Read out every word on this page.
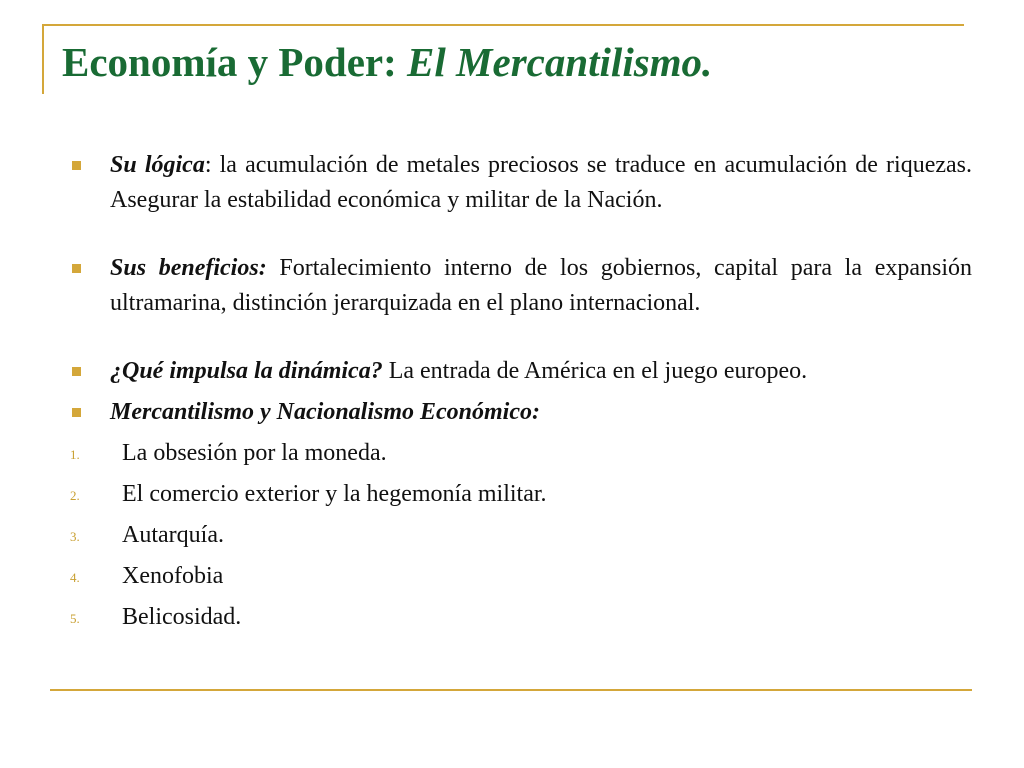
Economía y Poder: El Mercantilismo.
Su lógica: la acumulación de metales preciosos se traduce en acumulación de riquezas. Asegurar la estabilidad económica y militar de la Nación.
Sus beneficios: Fortalecimiento interno de los gobiernos, capital para la expansión ultramarina, distinción jerarquizada en el plano internacional.
¿Qué impulsa la dinámica? La entrada de América en el juego europeo.
Mercantilismo y Nacionalismo Económico:
1. La obsesión por la moneda.
2. El comercio exterior y la hegemonía militar.
3. Autarquía.
4. Xenofobia
5. Belicosidad.
